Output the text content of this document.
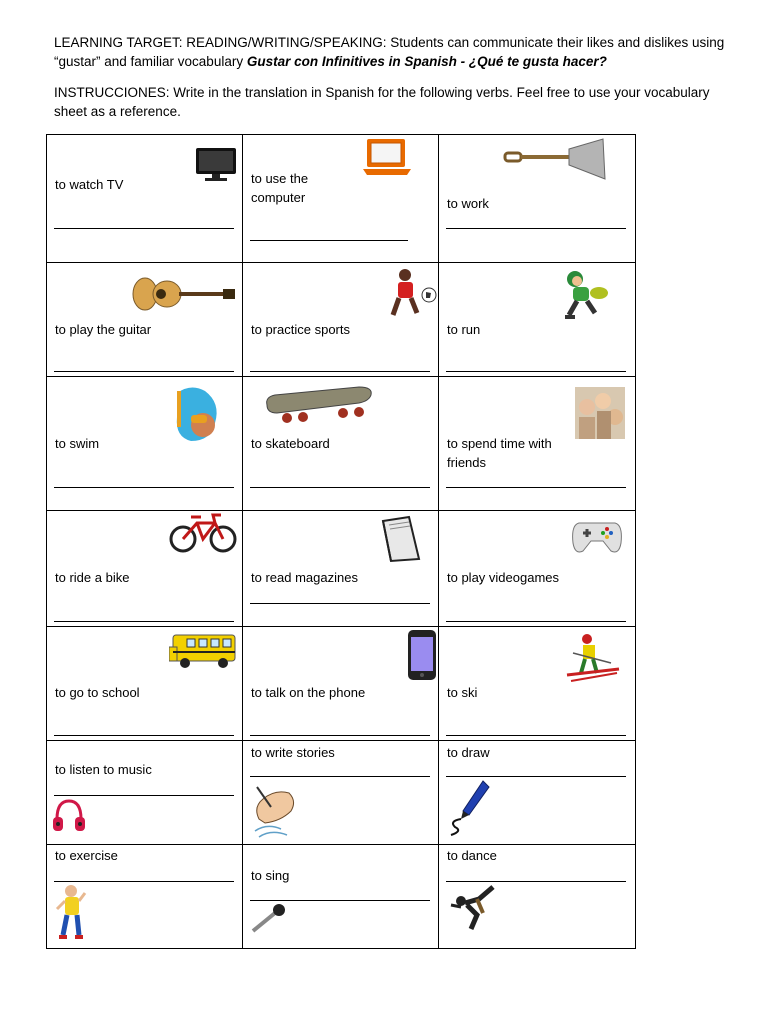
LEARNING TARGET: READING/WRITING/SPEAKING: Students can communicate their likes and dislikes using “gustar” and familiar vocabulary Gustar con Infinitives in Spanish - ¿Qué te gusta hacer?

INSTRUCCIONES: Write in the translation in Spanish for the following verbs. Feel free to use your vocabulary sheet as a reference.

to watch TV	to use the computer	to work

to play the guitar	to practice sports	to run

to swim	to skateboard	to spend time with friends

to ride a bike	to read magazines	to play videogames

to go to school	to talk on the phone	to ski

to listen to music	to write stories	to draw

to exercise	to sing	to dance
